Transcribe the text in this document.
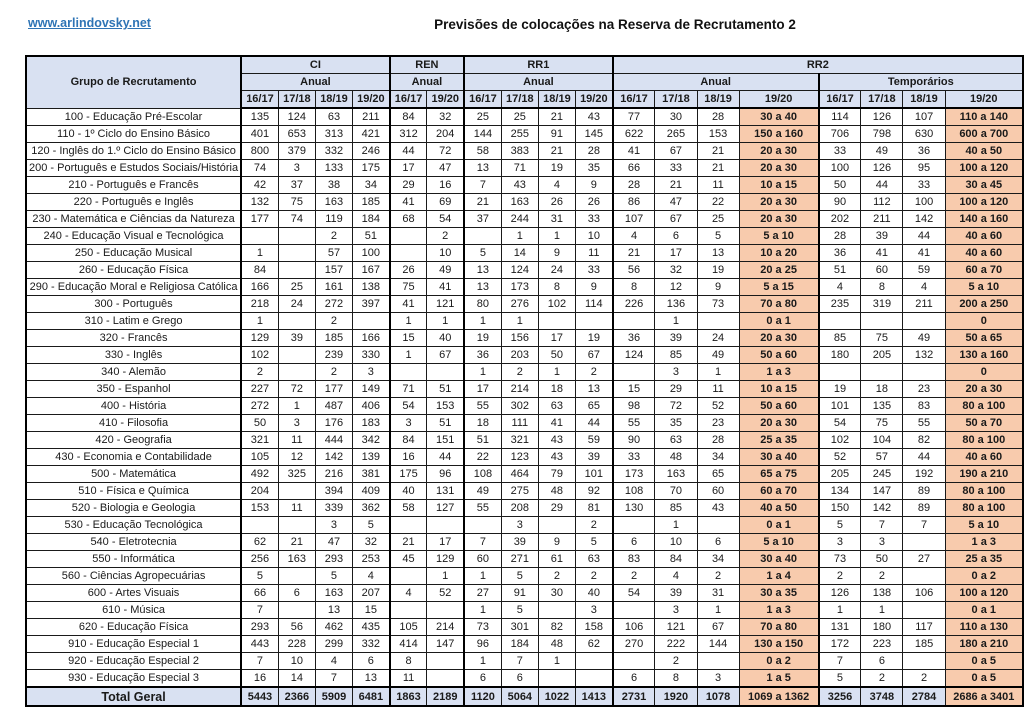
www.arlindovsky.net	Previsões de colocações na Reserva de Recrutamento 2
Grupo de Recrutamento	CI				REN		RR1				RR2							
	Anual				Anual		Anual				Anual				Temporários			
	16/17	17/18	18/19	19/20	16/17	19/20	16/17	17/18	18/19	19/20	16/17	17/18	18/19	19/20	16/17	17/18	18/19	19/20
100 - Educação Pré-Escolar	135	124	63	211	84	32	25	25	21	43	77	30	28	30 a 40	114	126	107	110 a 140
110 - 1º Ciclo do Ensino Básico	401	653	313	421	312	204	144	255	91	145	622	265	153	150 a 160	706	798	630	600 a 700
120 - Inglês do 1.º Ciclo do Ensino Básico	800	379	332	246	44	72	58	383	21	28	41	67	21	20 a 30	33	49	36	40 a 50
200 - Português e Estudos Sociais/História	74	3	133	175	17	47	13	71	19	35	66	33	21	20 a 30	100	126	95	100 a 120
210 - Português e Francês	42	37	38	34	29	16	7	43	4	9	28	21	11	10 a 15	50	44	33	30 a 45
220 - Português e Inglês	132	75	163	185	41	69	21	163	26	26	86	47	22	20 a 30	90	112	100	100 a 120
230 - Matemática e Ciências da Natureza	177	74	119	184	68	54	37	244	31	33	107	67	25	20 a 30	202	211	142	140 a 160
240 - Educação Visual e Tecnológica			2	51		2		1	1	10	4	6	5	5 a 10	28	39	44	40 a 60
250 - Educação Musical	1		57	100		10	5	14	9	11	21	17	13	10 a 20	36	41	41	40 a 60
260 - Educação Física	84		157	167	26	49	13	124	24	33	56	32	19	20 a 25	51	60	59	60 a 70
290 - Educação Moral e Religiosa Católica	166	25	161	138	75	41	13	173	8	9	8	12	9	5 a 15	4	8	4	5 a 10
300 - Português	218	24	272	397	41	121	80	276	102	114	226	136	73	70 a 80	235	319	211	200 a 250
310 - Latim e Grego	1		2		1	1	1	1				1		0 a 1				0
320 - Francês	129	39	185	166	15	40	19	156	17	19	36	39	24	20 a 30	85	75	49	50 a 65
330 - Inglês	102		239	330	1	67	36	203	50	67	124	85	49	50 a 60	180	205	132	130 a 160
340 - Alemão	2		2	3			1	2	1	2		3	1	1 a 3				0
350 - Espanhol	227	72	177	149	71	51	17	214	18	13	15	29	11	10 a 15	19	18	23	20 a 30
400 - História	272	1	487	406	54	153	55	302	63	65	98	72	52	50 a 60	101	135	83	80 a 100
410 - Filosofia	50	3	176	183	3	51	18	111	41	44	55	35	23	20 a 30	54	75	55	50 a 70
420 - Geografia	321	11	444	342	84	151	51	321	43	59	90	63	28	25 a 35	102	104	82	80 a 100
430 - Economia e Contabilidade	105	12	142	139	16	44	22	123	43	39	33	48	34	30 a 40	52	57	44	40 a 60
500 - Matemática	492	325	216	381	175	96	108	464	79	101	173	163	65	65 a 75	205	245	192	190 a 210
510 - Física e Química	204		394	409	40	131	49	275	48	92	108	70	60	60 a 70	134	147	89	80 a 100
520 - Biologia e Geologia	153	11	339	362	58	127	55	208	29	81	130	85	43	40 a 50	150	142	89	80 a 100
530 - Educação Tecnológica			3	5				3		2		1		0 a 1	5	7	7	5 a 10
540 - Eletrotecnia	62	21	47	32	21	17	7	39	9	5	6	10	6	5 a 10	3	3		1 a 3
550 - Informática	256	163	293	253	45	129	60	271	61	63	83	84	34	30 a 40	73	50	27	25 a 35
560 - Ciências Agropecuárias	5		5	4		1	1	5	2	2	2	4	2	1 a 4	2	2		0 a 2
600 - Artes Visuais	66	6	163	207	4	52	27	91	30	40	54	39	31	30 a 35	126	138	106	100 a 120
610 - Música	7		13	15			1	5		3		3	1	1 a 3	1	1		0 a 1
620 - Educação Física	293	56	462	435	105	214	73	301	82	158	106	121	67	70 a 80	131	180	117	110 a 130
910 - Educação Especial 1	443	228	299	332	414	147	96	184	48	62	270	222	144	130 a 150	172	223	185	180 a 210
920 - Educação Especial 2	7	10	4	6	8		1	7	1			2		0 a 2	7	6		0 a 5
930 - Educação Especial 3	16	14	7	13	11		6	6			6	8	3	1 a 5	5	2	2	0 a 5
Total Geral	5443	2366	5909	6481	1863	2189	1120	5064	1022	1413	2731	1920	1078	1069 a 1362	3256	3748	2784	2686 a 3401
